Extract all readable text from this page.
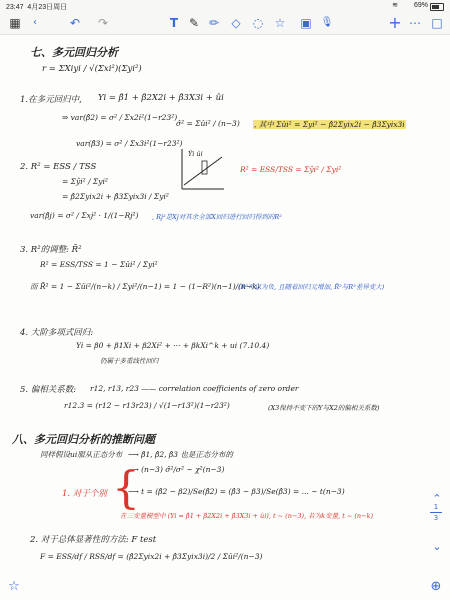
23:47 4月23日周日	≋ 69%
▦	‹	↶ ↷	T ✎ ✏ ◇ ◌ ☆ ▣ 🎙	+ ⋯ □
七、多元回归分析
r = ΣXiyi / √(Σxi²)(Σyi²)
1.在多元回归中, Yi = β̂1 + β̂2X2i + β̂3X3i + ûi
⇒ var(β̂2) = σ² / Σx2i²(1−r23²)
σ̂² = Σûi² / (n−3) , 其中 Σûi² = Σyi² − β̂2Σyix2i − β̂3Σyix3i
var(β̂3) = σ² / Σx3i²(1−r23²)
2. R² = ESS / TSS
= Σŷi² / Σyi²
= β̂2Σyix2i + β̂3Σyix3i / Σyi²
Ŷi ûi
R² = ESS/TSS = Σŷi² / Σyi²
var(β̂j) = σ² / Σxj² · 1/(1−Rj²) , Rj²是Xj对其余全部X回归进行回归得到的R²
3. R²的调整: R̄²
R² = ESS/TSS = 1 − Σûi² / Σyi²
而 R̄² = 1 − Σûi²/(n−k) / Σyi²/(n−1) = 1 − (1−R²)(n−1)/(n−k)
(R²可以为负, 且随着回归元增加, R̄²与R²差异变大)
4. 大阶多项式回归:
Yi = β0 + β1Xi + β2Xi² + ··· + βkXi^k + ui (7.10.4)
仍属于多重线性回归
5. 偏相关系数: r12, r13, r23 —— correlation coefficients of zero order
r12.3 = (r12 − r13r23) / √(1−r13²)(1−r23²)	(X3保持不变下的Y与X2的偏相关系数)
八、多元回归分析的推断问题
同样假设ui服从正态分布 ⟶ β̂1, β̂2, β̂3 也是正态分布的
⟶ (n−3) σ̂²/σ² ~ χ²(n−3)
1. 对于个别 {
⟶ t = (β̂2 − β2)/Se(β̂2) = (β̂3 − β3)/Se(β̂3) = ... ~ t(n−3)
在三变量模型中 (Yi = β̂1 + β̂2X2i + β̂3X3i + ûi), t ~ (n−3), 若为k变量, t ~ (n−k)
2. 对于总体显著性的方法: F test
F = ESS/df / RSS/df = (β̂2Σyix2i + β̂3Σyix3i)/2 / Σûi²/(n−3)
⌃
1
3
⌄
☆	⊕
